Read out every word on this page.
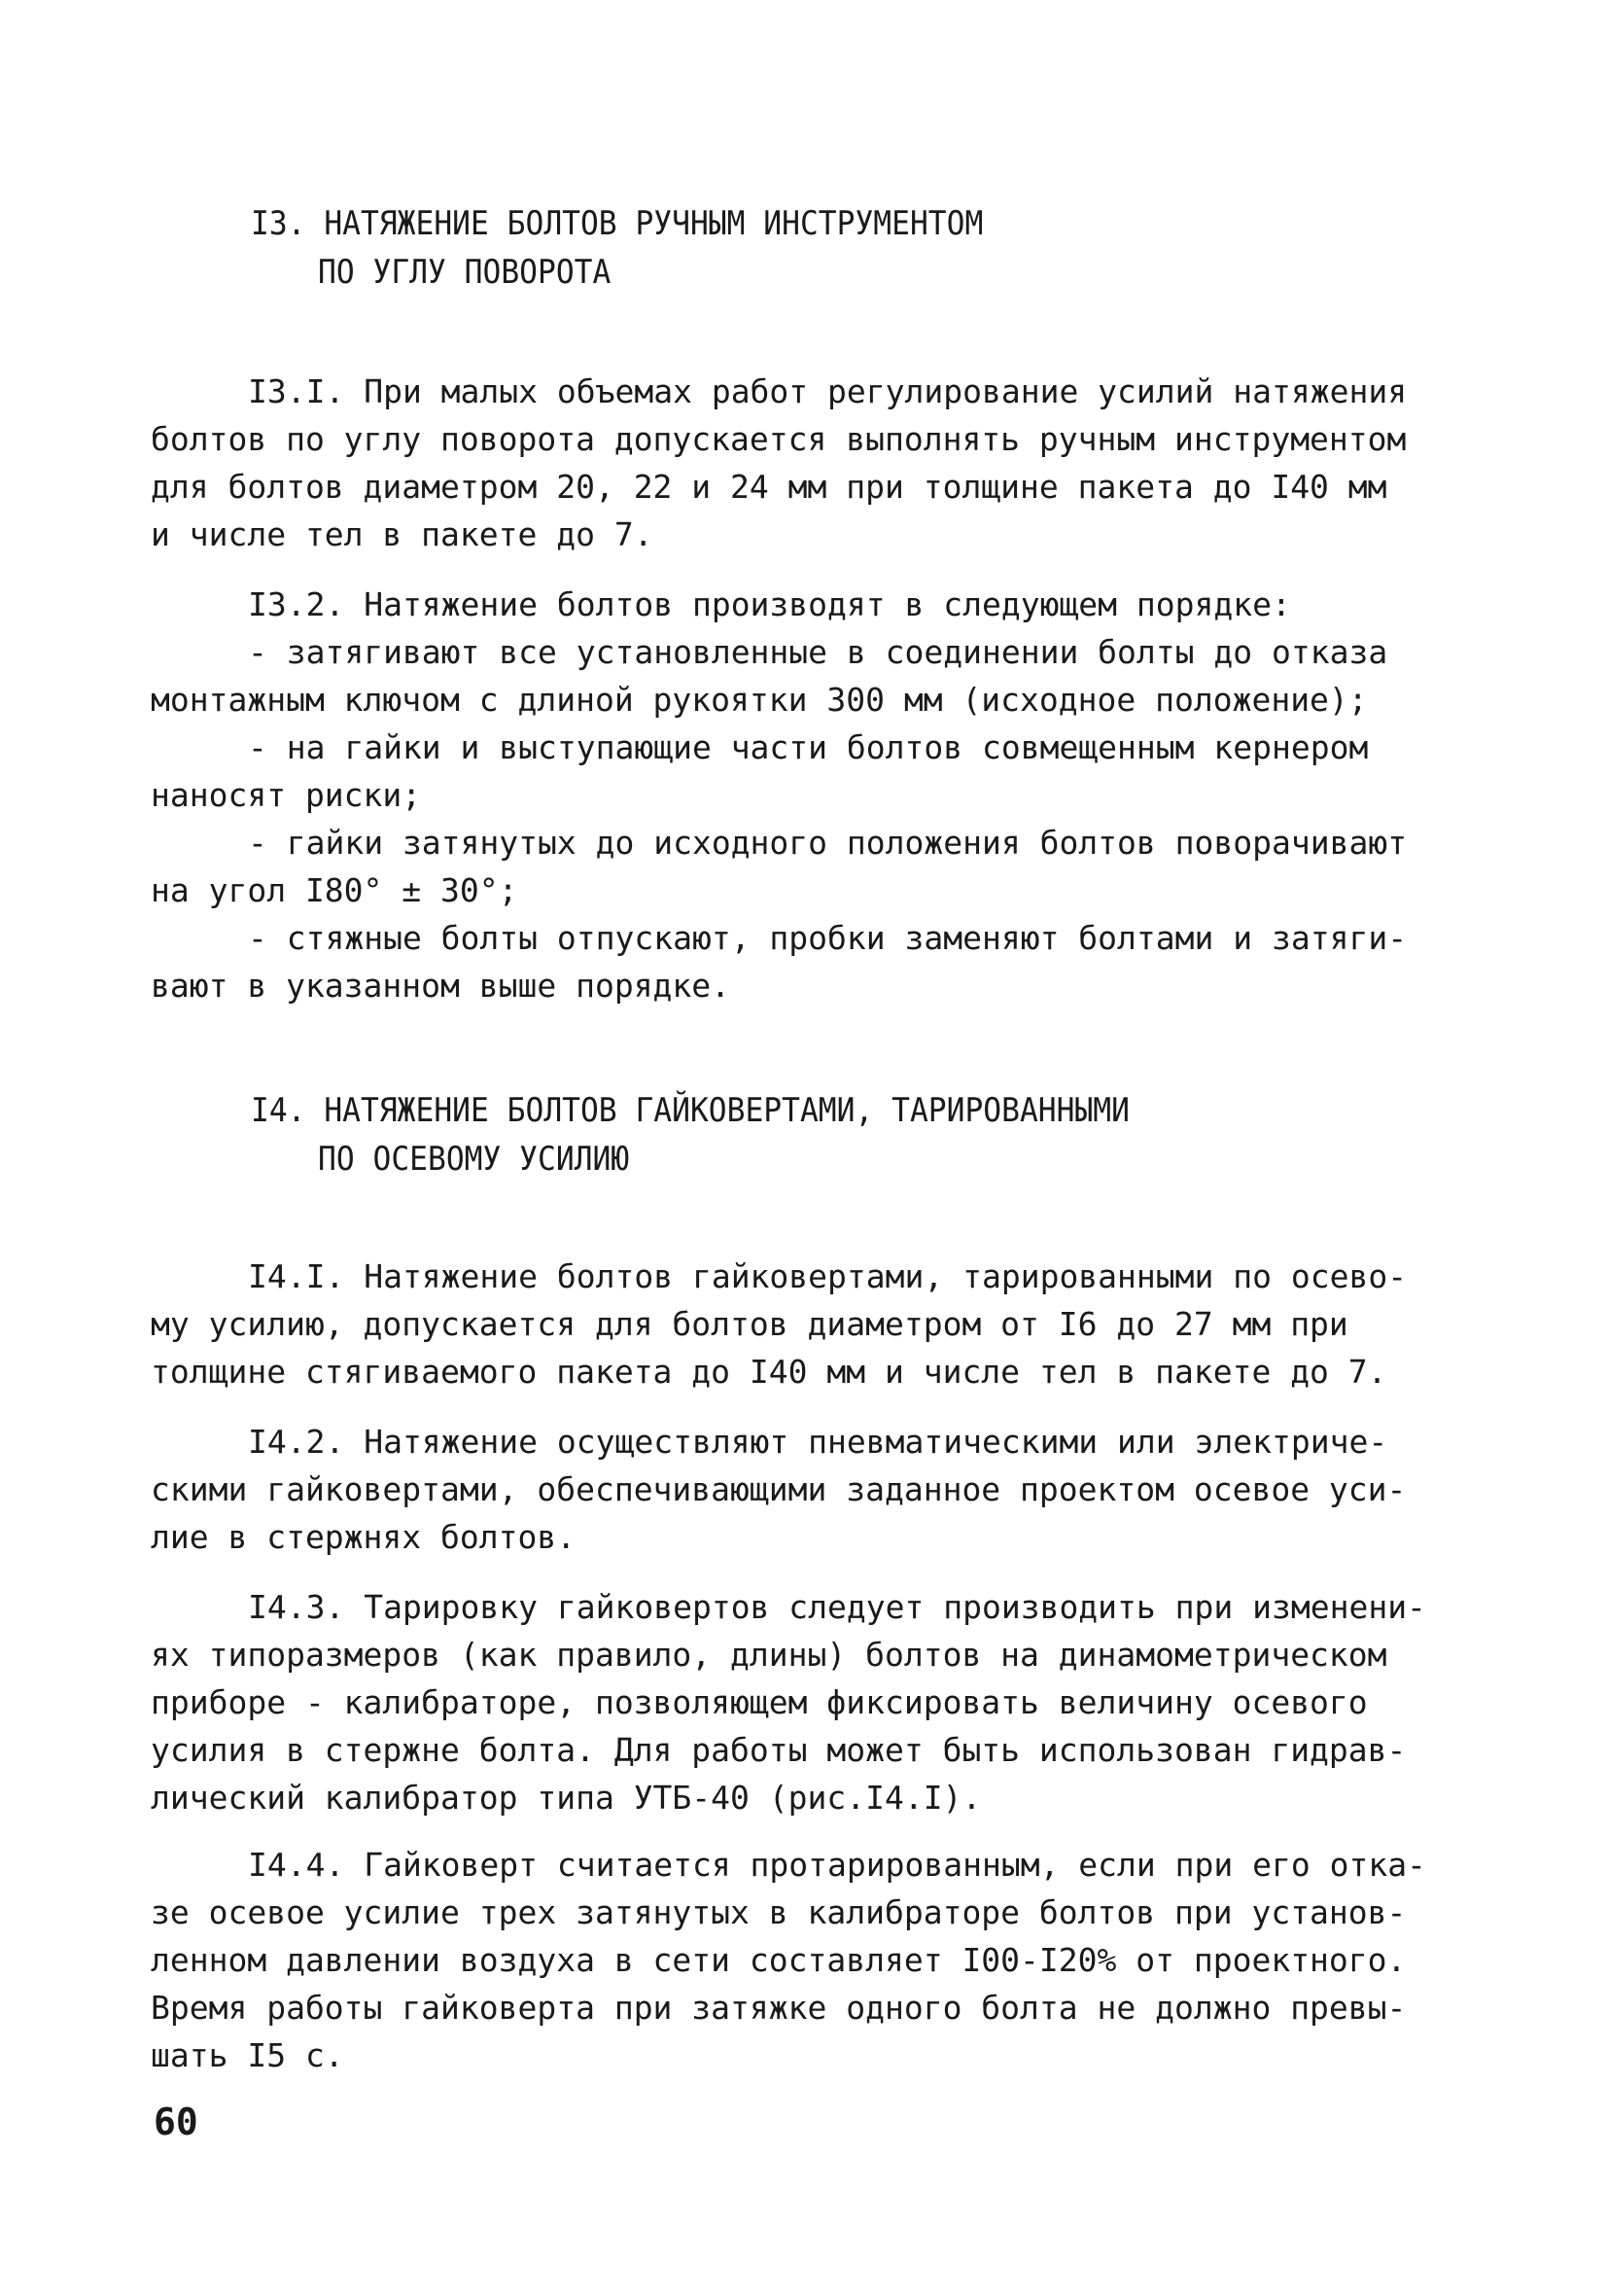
I3. НАТЯЖЕНИЕ БОЛТОВ РУЧНЫМ ИНСТРУМЕНТОМ
ПО УГЛУ ПОВОРОТА
I3.I. При малых объемах работ регулирование усилий натяжения
болтов по углу поворота допускается выполнять ручным инструментом
для болтов диаметром 20, 22 и 24 мм при толщине пакета до I40 мм
и числе тел в пакете до 7.
I3.2. Натяжение болтов производят в следующем порядке:
- затягивают все установленные в соединении болты до отказа
монтажным ключом с длиной рукоятки 300 мм (исходное положение);
- на гайки и выступающие части болтов совмещенным кернером
наносят риски;
- гайки затянутых до исходного положения болтов поворачивают
на угол I80° ± 30°;
- стяжные болты отпускают, пробки заменяют болтами и затяги-
вают в указанном выше порядке.
I4. НАТЯЖЕНИЕ БОЛТОВ ГАЙКОВЕРТАМИ, ТАРИРОВАННЫМИ
ПО ОСЕВОМУ УСИЛИЮ
I4.I. Натяжение болтов гайковертами, тарированными по осево-
му усилию, допускается для болтов диаметром от I6 до 27 мм при
толщине стягиваемого пакета до I40 мм и числе тел в пакете до 7.
I4.2. Натяжение осуществляют пневматическими или электриче-
скими гайковертами, обеспечивающими заданное проектом осевое уси-
лие в стержнях болтов.
I4.3. Тарировку гайковертов следует производить при изменени-
ях типоразмеров (как правило, длины) болтов на динамометрическом
приборе - калибраторе, позволяющем фиксировать величину осевого
усилия в стержне болта. Для работы может быть использован гидрав-
лический калибратор типа УТБ-40 (рис.I4.I).
I4.4. Гайковерт считается протарированным, если при его отка-
зе осевое усилие трех затянутых в калибраторе болтов при установ-
ленном давлении воздуха в сети составляет I00-I20% от проектного.
Время работы гайковерта при затяжке одного болта не должно превы-
шать I5 с.
60
